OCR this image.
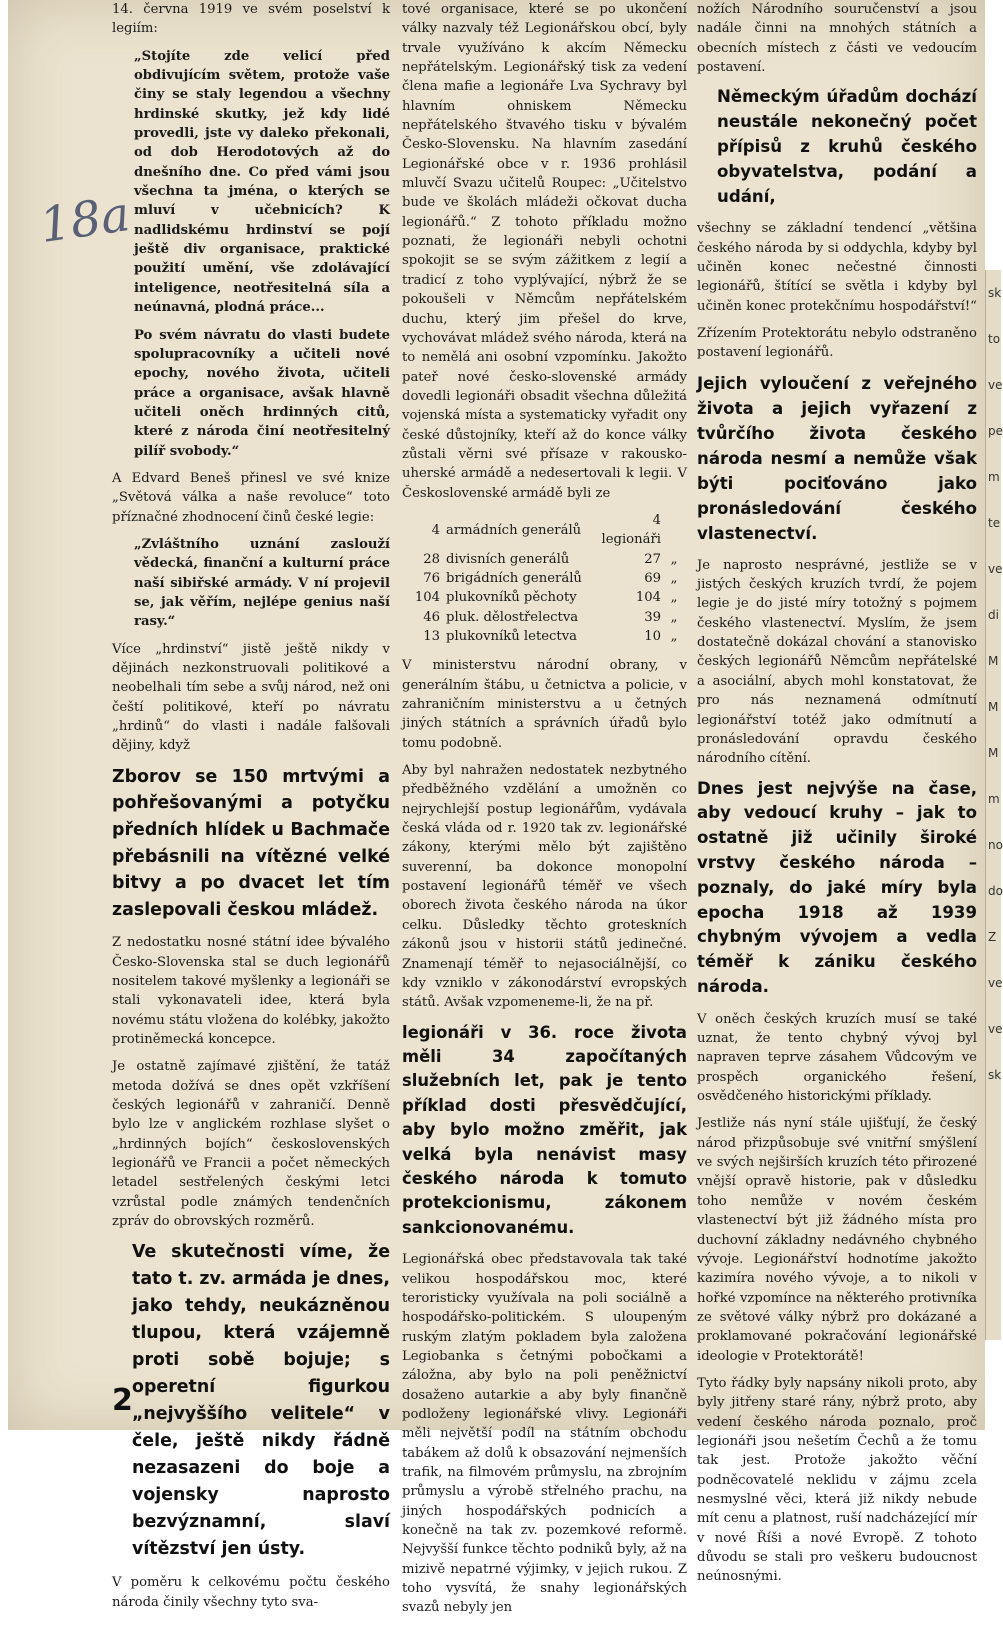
18a

14. června 1919 ve svém poselství k legiím:

„Stojíte zde velicí před obdivujícím světem, protože vaše činy se staly legendou a všechny hrdinské skutky, jež kdy lidé provedli, jste vy daleko překonali, od dob Herodotových až do dnešního dne. Co před vámi jsou všechna ta jména, o kterých se mluví v učebnicích? K nadlidskému hrdinství se pojí ještě div organisace, praktické použití umění, vše zdolávající inteligence, neotřesitelná síla a neúnavná, plodná práce...

Po svém návratu do vlasti budete spolupracovníky a učiteli nové epochy, nového života, učiteli práce a organisace, avšak hlavně učiteli oněch hrdinných citů, které z národa činí neotřesitelný pilíř svobody.“

A Edvard Beneš přinesl ve své knize „Světová válka a naše revoluce“ toto příznačné zhodnocení činů české legie:

„Zvláštního uznání zaslouží vědecká, finanční a kulturní práce naší sibiřské armády. V ní projevil se, jak věřím, nejlépe genius naší rasy.“

Více „hrdinství“ jistě ještě nikdy v dějinách nezkonstruovali politikové a neobelhali tím sebe a svůj národ, než oni čeští politikové, kteří po návratu „hrdinů“ do vlasti i nadále falšovali dějiny, když

Zborov se 150 mrtvými a pohřešovanými a potyčku předních hlídek u Bachmače přebásnili na vítězné velké bitvy a po dvacet let tím zaslepovali českou mládež.

Z nedostatku nosné státní idee bývalého Česko-Slovenska stal se duch legionářů nositelem takové myšlenky a legionáři se stali vykonavateli idee, která byla novému státu vložena do kolébky, jakožto protiněmecká koncepce.

Je ostatně zajímavé zjištění, že tatáž metoda dožívá se dnes opět vzkříšení českých legionářů v zahraničí. Denně bylo lze v anglickém rozhlase slyšet o „hrdinných bojích“ československých legionářů ve Francii a počet německých letadel sestřelených českými letci vzrůstal podle známých tendenčních zpráv do obrovských rozměrů.

Ve skutečnosti víme, že tato t. zv. armáda je dnes, jako tehdy, neukázněnou tlupou, která vzájemně proti sobě bojuje; s operetní figurkou „nejvyššího velitele“ v čele, ještě nikdy řádně nezasazeni do boje a vojensky naprosto bezvýznamní, slaví vítězství jen ústy.

V poměru k celkovému počtu českého národa činily všechny tyto sva-

tové organisace, které se po ukončení války nazvaly též Legionářskou obcí, byly trvale využíváno k akcím Německu nepřátelským. Legionářský tisk za vedení člena mafie a legionáře Lva Sychravy byl hlavním ohniskem Německu nepřátelského štvavého tisku v bývalém Česko-Slovensku. Na hlavním zasedání Legionářské obce v r. 1936 prohlásil mluvčí Svazu učitelů Roupec: „Učitelstvo bude ve školách mládeži očkovat ducha legionářů.“ Z tohoto příkladu možno poznati, že legionáři nebyli ochotni spokojit se se svým zážitkem z legií a tradicí z toho vyplývající, nýbrž že se pokoušeli v Němcům nepřátelském duchu, který jim přešel do krve, vychovávat mládež svého národa, která na to nemělá ani osobní vzpomínku. Jakožto pateř nové česko-slovenské armády dovedli legionáři obsadit všechna důležitá vojenská místa a systematicky vyřadit ony české důstojníky, kteří až do konce války zůstali věrni své přísaze v rakousko-uherské armádě a nedesertovali k legii. V Československé armádě byli ze

4	armádních generálů	4 legionáři	
28	divisních generálů	27	„
76	brigádních generálů	69	„
104	plukovníků pěchoty	104	„
46	pluk. dělostřelectva	39	„
13	plukovníků letectva	10	„

V ministerstvu národní obrany, v generálním štábu, u četnictva a policie, v zahraničním ministerstvu a u četných jiných státních a správních úřadů bylo tomu podobně.

Aby byl nahražen nedostatek nezbytného předběžného vzdělání a umožněn co nejrychlejší postup legionářům, vydávala česká vláda od r. 1920 tak zv. legionářské zákony, kterými mělo být zajištěno suverenní, ba dokonce monopolní postavení legionářů téměř ve všech oborech života českého národa na úkor celku. Důsledky těchto groteskních zákonů jsou v historii států jedinečné. Znamenají téměř to nejasociálnější, co kdy vzniklo v zákonodárství evropských států. Avšak vzpomeneme-li, že na př.

legionáři v 36. roce života měli 34 započítaných služebních let, pak je tento příklad dosti přesvědčující, aby bylo možno změřit, jak velká byla nenávist masy českého národa k tomuto protekcionismu, zákonem sankcionovanému.

Legionářská obec představovala tak také velikou hospodářskou moc, které teroristicky využívala na poli sociálně a hospodářsko-politickém. S uloupeným ruským zlatým pokladem byla založena Legiobanka s četnými pobočkami a záložna, aby bylo na poli peněžnictví dosaženo autarkie a aby byly finančně podloženy legionářské vlivy. Legionáři měli největší podíl na státním obchodu tabákem až dolů k obsazování nejmenších trafik, na filmovém průmyslu, na zbrojním průmyslu a výrobě střelného prachu, na jiných hospodářských podnicích a konečně na tak zv. pozemkové reformě. Nejvyšší funkce těchto podniků byly, až na mizivě nepatrné výjimky, v jejich rukou. Z toho vysvítá, že snahy legionářských svazů nebyly jen

nožích Národního souručenství a jsou nadále činni na mnohých státních a obecních místech z části ve vedoucím postavení.

Německým úřadům dochází neustále nekonečný počet přípisů z kruhů českého obyvatelstva, podání a udání,

všechny se základní tendencí „většina českého národa by si oddychla, kdyby byl učiněn konec nečestné činnosti legionářů, štítící se světla i kdyby byl učiněn konec protekčnímu hospodářství!“

Zřízením Protektorátu nebylo odstraněno postavení legionářů.

Jejich vyloučení z veřejného života a jejich vyřazení z tvůrčího života českého národa nesmí a nemůže však býti pociťováno jako pronásledování českého vlastenectví.

Je naprosto nesprávné, jestliže se v jistých českých kruzích tvrdí, že pojem legie je do jisté míry totožný s pojmem českého vlastenectví. Myslím, že jsem dostatečně dokázal chování a stanovisko českých legionářů Němcům nepřátelské a asociální, abych mohl konstatovat, že pro nás neznamená odmítnutí legionářství totéž jako odmítnutí a pronásledování opravdu českého národního cítění.

Dnes jest nejvýše na čase, aby vedoucí kruhy – jak to ostatně již učinily široké vrstvy českého národa – poznaly, do jaké míry byla epocha 1918 až 1939 chybným vývojem a vedla téměř k zániku českého národa.

V oněch českých kruzích musí se také uznat, že tento chybný vývoj byl napraven teprve zásahem Vůdcovým ve prospěch organického řešení, osvědčeného historickými příklady.

Jestliže nás nyní stále ujišťují, že český národ přizpůsobuje své vnitřní smýšlení ve svých nejširších kruzích této přirozené vnější opravě historie, pak v důsledku toho nemůže v novém českém vlastenectví být již žádného místa pro duchovní základny nedávného chybného vývoje. Legionářství hodnotíme jakožto kazimíra nového vývoje, a to nikoli v hořké vzpomínce na některého protivníka ze světové války nýbrž pro dokázané a proklamované pokračování legionářské ideologie v Protektorátě!

Tyto řádky byly napsány nikoli proto, aby byly jitřeny staré rány, nýbrž proto, aby vedení českého národa poznalo, proč legionáři jsou nešetím Čechů a že tomu tak jest. Protože jakožto věční podněcovatelé neklidu v zájmu zcela nesmyslné věci, která již nikdy nebude mít cenu a platnost, ruší nadcházející mír v nové Říši a nové Evropě. Z tohoto důvodu se stali pro veškeru budoucnost neúnosnými.

sk
to
ve
pe
m
te
ve
di
M
M
M
m
no
do
Z
ve
ve
sk
2
